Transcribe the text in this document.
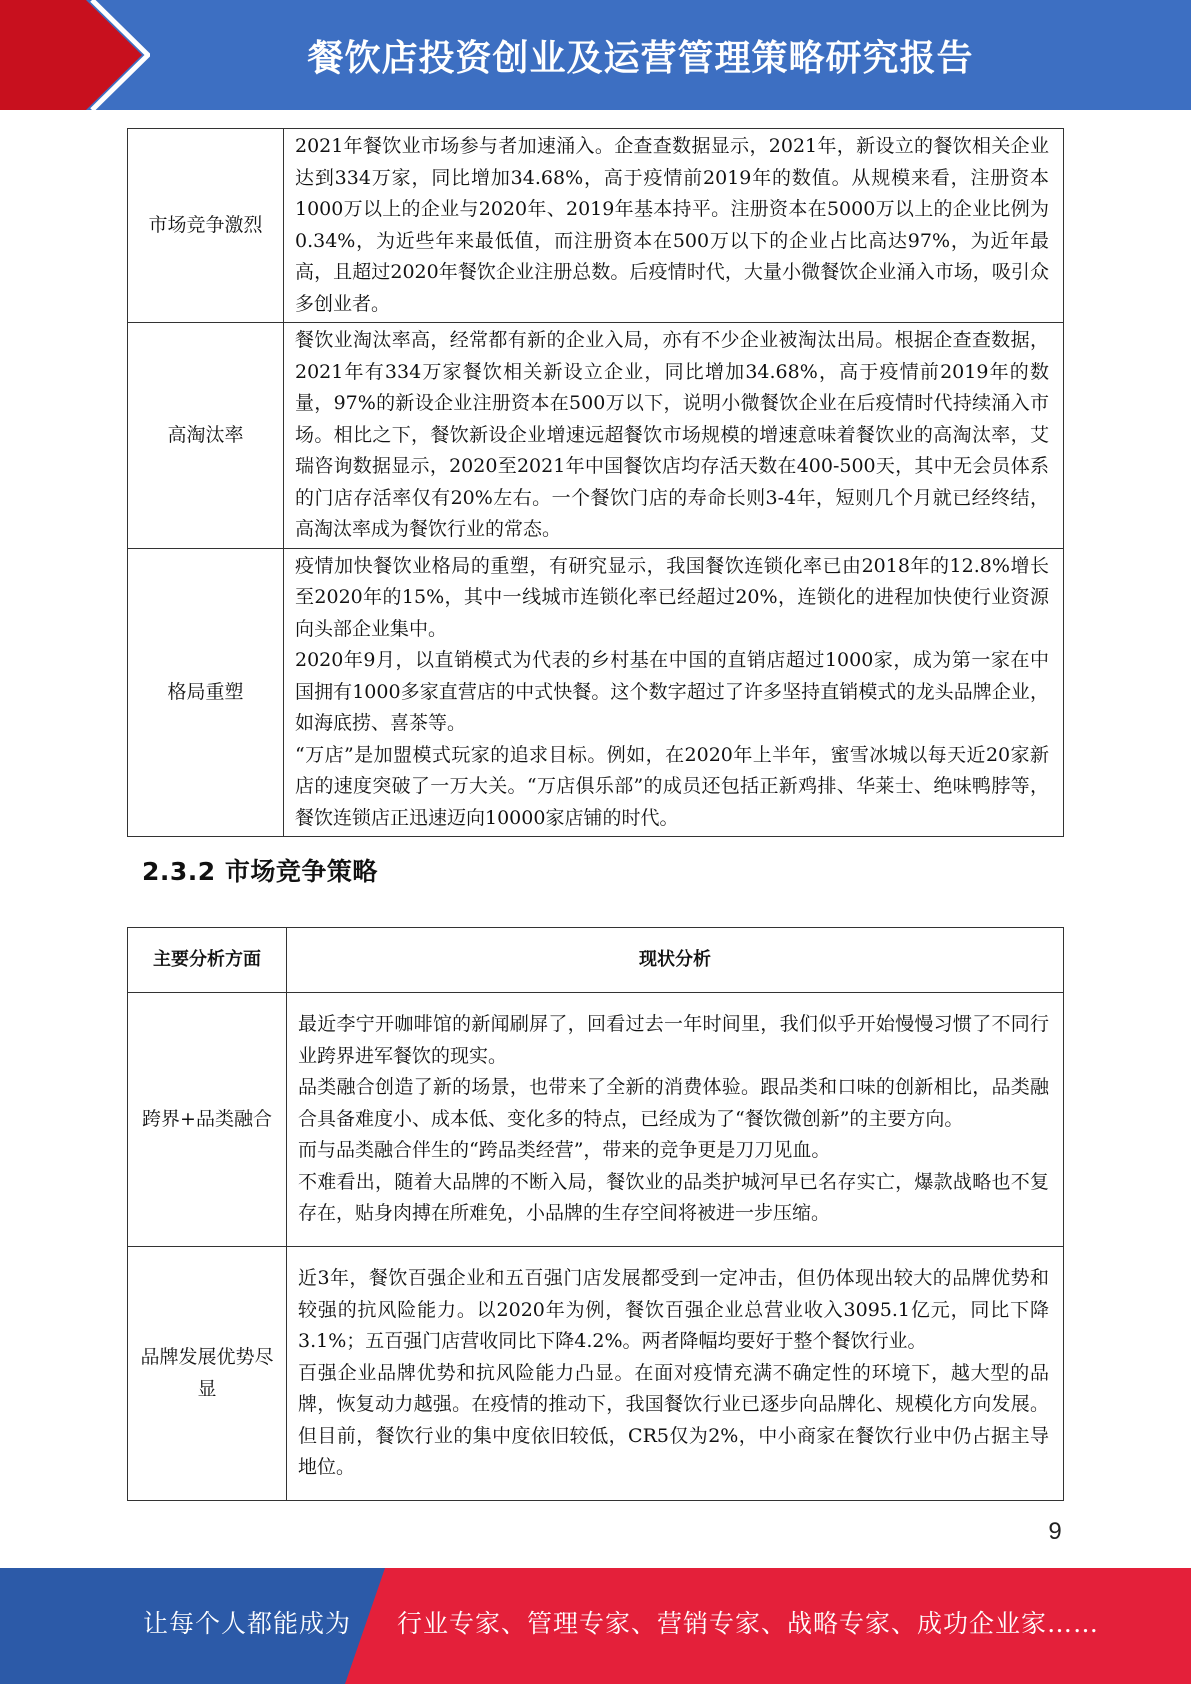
餐饮店投资创业及运营管理策略研究报告
市场竞争激烈	2021年餐饮业市场参与者加速涌入。企查查数据显示，2021年，新设立的餐饮相关企业达到334万家，同比增加34.68%，高于疫情前2019年的数值。从规模来看，注册资本1000万以上的企业与2020年、2019年基本持平。注册资本在5000万以上的企业比例为0.34%，为近些年来最低值，而注册资本在500万以下的企业占比高达97%，为近年最高，且超过2020年餐饮企业注册总数。后疫情时代，大量小微餐饮企业涌入市场，吸引众多创业者。

高淘汰率	餐饮业淘汰率高，经常都有新的企业入局，亦有不少企业被淘汰出局。根据企查查数据，2021年有334万家餐饮相关新设立企业，同比增加34.68%，高于疫情前2019年的数量，97%的新设企业注册资本在500万以下，说明小微餐饮企业在后疫情时代持续涌入市场。相比之下，餐饮新设企业增速远超餐饮市场规模的增速意味着餐饮业的高淘汰率，艾瑞咨询数据显示，2020至2021年中国餐饮店均存活天数在400-500天，其中无会员体系的门店存活率仅有20%左右。一个餐饮门店的寿命长则3-4年，短则几个月就已经终结，高淘汰率成为餐饮行业的常态。

格局重塑	疫情加快餐饮业格局的重塑，有研究显示，我国餐饮连锁化率已由2018年的12.8%增长至2020年的15%，其中一线城市连锁化率已经超过20%，连锁化的进程加快使行业资源向头部企业集中。
2020年9月，以直销模式为代表的乡村基在中国的直销店超过1000家，成为第一家在中国拥有1000多家直营店的中式快餐。这个数字超过了许多坚持直销模式的龙头品牌企业，如海底捞、喜茶等。
“万店”是加盟模式玩家的追求目标。例如，在2020年上半年，蜜雪冰城以每天近20家新店的速度突破了一万大关。“万店俱乐部”的成员还包括正新鸡排、华莱士、绝味鸭脖等，餐饮连锁店正迅速迈向10000家店铺的时代。
2.3.2 市场竞争策略
主要分析方面	现状分析
跨界+品类融合	最近李宁开咖啡馆的新闻刷屏了，回看过去一年时间里，我们似乎开始慢慢习惯了不同行业跨界进军餐饮的现实。
品类融合创造了新的场景，也带来了全新的消费体验。跟品类和口味的创新相比，品类融合具备难度小、成本低、变化多的特点，已经成为了“餐饮微创新”的主要方向。
而与品类融合伴生的“跨品类经营”，带来的竞争更是刀刀见血。
不难看出，随着大品牌的不断入局，餐饮业的品类护城河早已名存实亡，爆款战略也不复存在，贴身肉搏在所难免，小品牌的生存空间将被进一步压缩。

品牌发展优势尽显	近3年，餐饮百强企业和五百强门店发展都受到一定冲击，但仍体现出较大的品牌优势和较强的抗风险能力。以2020年为例，餐饮百强企业总营业收入3095.1亿元，同比下降3.1%；五百强门店营收同比下降4.2%。两者降幅均要好于整个餐饮行业。
百强企业品牌优势和抗风险能力凸显。在面对疫情充满不确定性的环境下，越大型的品牌，恢复动力越强。在疫情的推动下，我国餐饮行业已逐步向品牌化、规模化方向发展。但目前，餐饮行业的集中度依旧较低，CR5仅为2%，中小商家在餐饮行业中仍占据主导地位。
9
让每个人都能成为 行业专家、管理专家、营销专家、战略专家、成功企业家……
